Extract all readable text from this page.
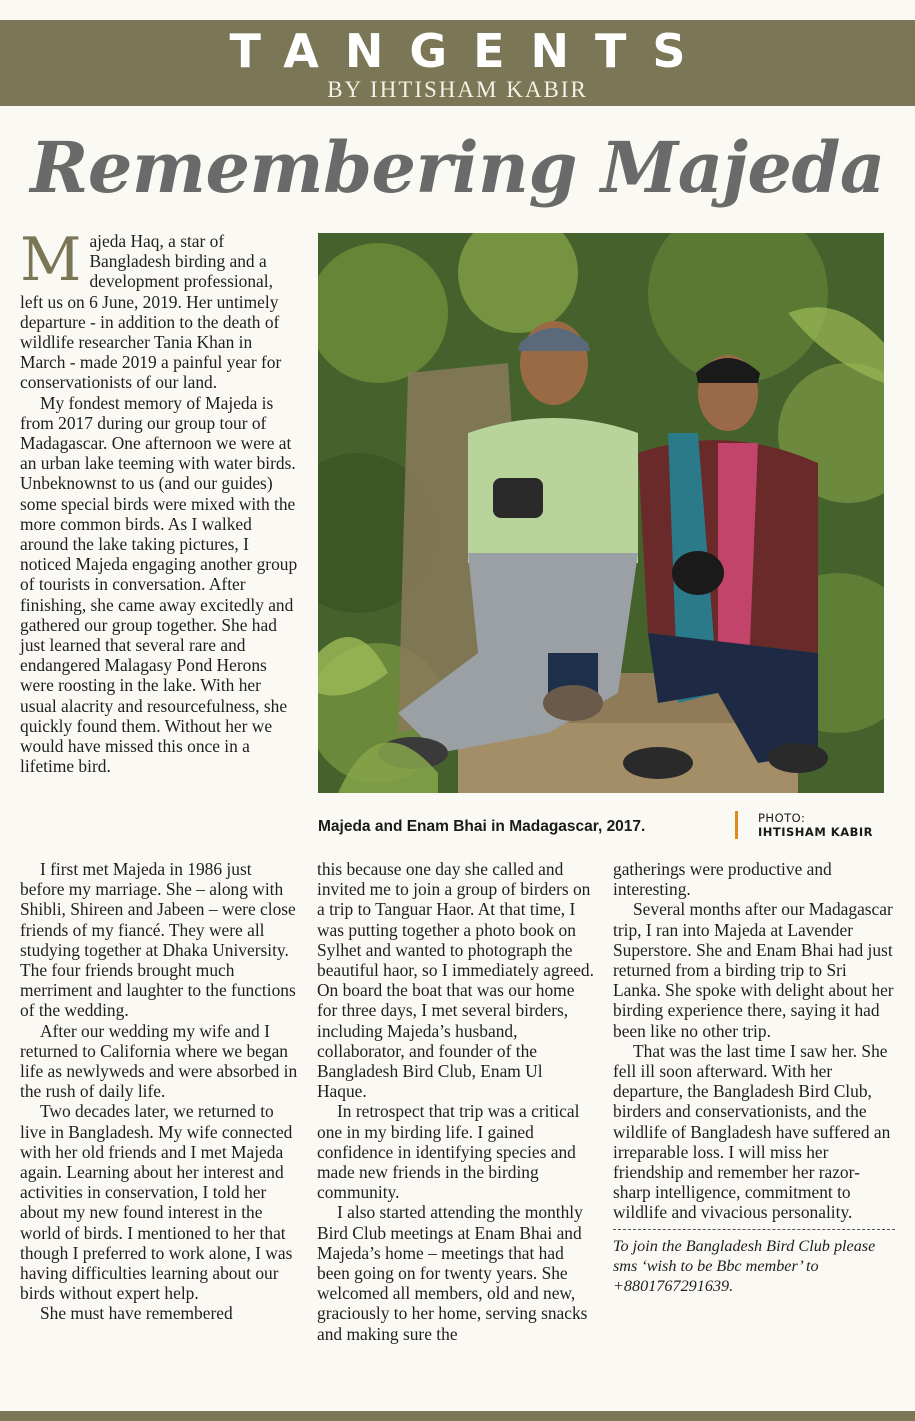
TANGENTS
BY IHTISHAM KABIR
Remembering Majeda

Majeda Haq, a star of Bangladesh birding and a development professional, left us on 6 June, 2019. Her untimely departure - in addition to the death of wildlife researcher Tania Khan in March - made 2019 a painful year for conservationists of our land.

My fondest memory of Majeda is from 2017 during our group tour of Madagascar. One afternoon we were at an urban lake teeming with water birds. Unbeknownst to us (and our guides) some special birds were mixed with the more common birds. As I walked around the lake taking pictures, I noticed Majeda engaging another group of tourists in conversation. After finishing, she came away excitedly and gathered our group together. She had just learned that several rare and endangered Malagasy Pond Herons were roosting in the lake. With her usual alacrity and resourcefulness, she quickly found them. Without her we would have missed this once in a lifetime bird.

Majeda and Enam Bhai in Madagascar, 2017.	PHOTO:
IHTISHAM KABIR

I first met Majeda in 1986 just before my marriage. She – along with Shibli, Shireen and Jabeen – were close friends of my fiancé. They were all studying together at Dhaka University. The four friends brought much merriment and laughter to the functions of the wedding.

After our wedding my wife and I returned to California where we began life as newlyweds and were absorbed in the rush of daily life.

Two decades later, we returned to live in Bangladesh. My wife connected with her old friends and I met Majeda again. Learning about her interest and activities in conservation, I told her about my new found interest in the world of birds. I mentioned to her that though I preferred to work alone, I was having difficulties learning about our birds without expert help.

She must have remembered

this because one day she called and invited me to join a group of birders on a trip to Tanguar Haor. At that time, I was putting together a photo book on Sylhet and wanted to photograph the beautiful haor, so I immediately agreed. On board the boat that was our home for three days, I met several birders, including Majeda’s husband, collaborator, and founder of the Bangladesh Bird Club, Enam Ul Haque.

In retrospect that trip was a critical one in my birding life. I gained confidence in identifying species and made new friends in the birding community.

I also started attending the monthly Bird Club meetings at Enam Bhai and Majeda’s home – meetings that had been going on for twenty years. She welcomed all members, old and new, graciously to her home, serving snacks and making sure the

gatherings were productive and interesting.

Several months after our Madagascar trip, I ran into Majeda at Lavender Superstore. She and Enam Bhai had just returned from a birding trip to Sri Lanka. She spoke with delight about her birding experience there, saying it had been like no other trip.

That was the last time I saw her. She fell ill soon afterward. With her departure, the Bangladesh Bird Club, birders and conservationists, and the wildlife of Bangladesh have suffered an irreparable loss. I will miss her friendship and remember her razor-sharp intelligence, commitment to wildlife and vivacious personality.

To join the Bangladesh Bird Club please sms ‘wish to be Bbc member’ to +8801767291639.
